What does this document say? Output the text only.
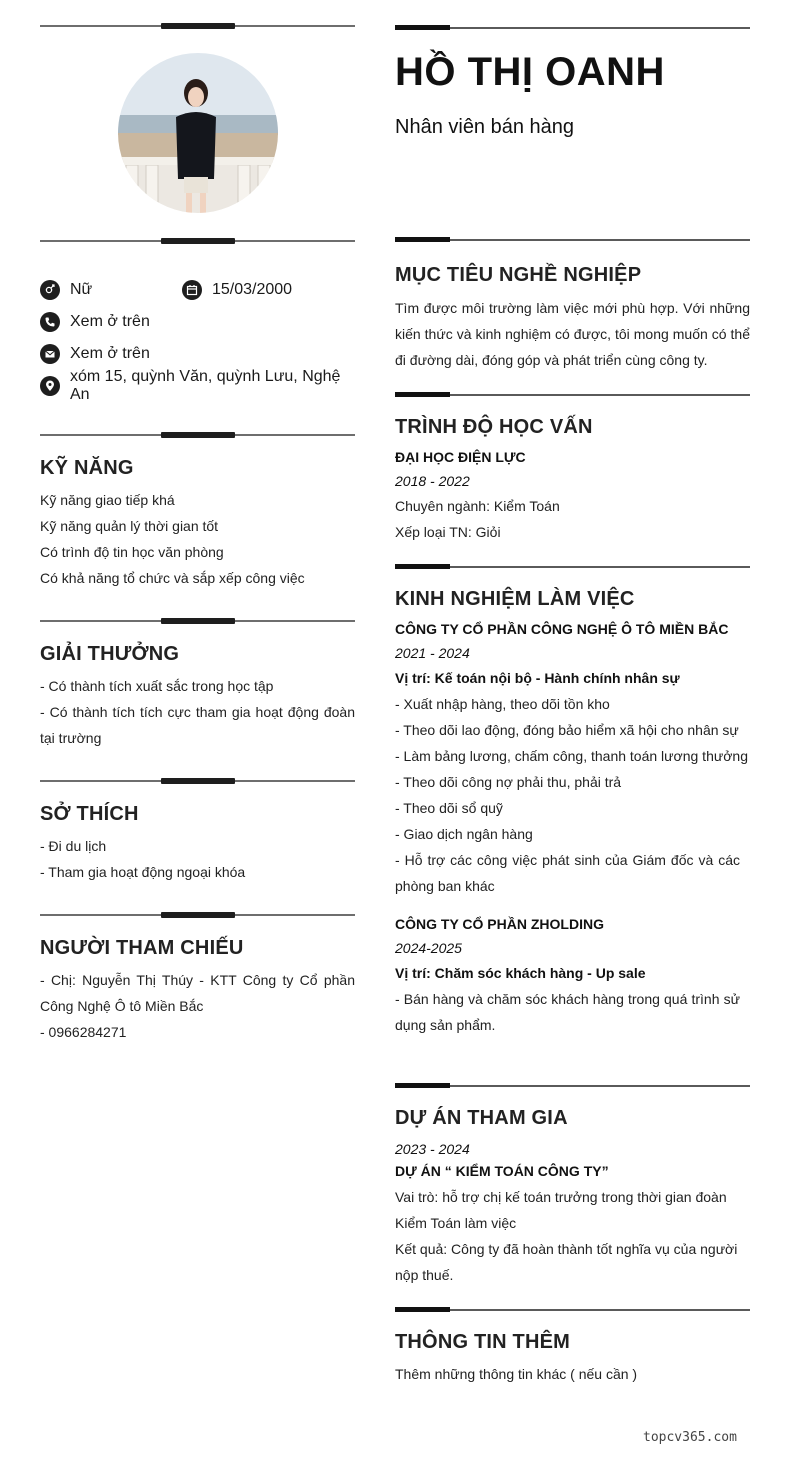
Nữ	15/03/2000
Xem ở trên
Xem ở trên
xóm 15, quỳnh Văn, quỳnh Lưu, Nghệ An
KỸ NĂNG
Kỹ năng giao tiếp khá
Kỹ năng quản lý thời gian tốt
Có trình độ tin học văn phòng
Có khả năng tổ chức và sắp xếp công việc
GIẢI THƯỞNG
- Có thành tích xuất sắc trong học tập
- Có thành tích tích cực tham gia hoạt động đoàn tại trường
SỞ THÍCH
- Đi du lịch
- Tham gia hoạt động ngoại khóa
NGƯỜI THAM CHIẾU
- Chị: Nguyễn Thị Thúy - KTT Công ty Cổ phần Công Nghệ Ô tô Miền Bắc
- 0966284271
HỒ THỊ OANH
Nhân viên bán hàng
MỤC TIÊU NGHỀ NGHIỆP
Tìm được môi trường làm việc mới phù hợp. Với những kiến thức và kinh nghiệm có được, tôi mong muốn có thể đi đường dài, đóng góp và phát triển cùng công ty.
TRÌNH ĐỘ HỌC VẤN
ĐẠI HỌC ĐIỆN LỰC
2018 - 2022
Chuyên ngành: Kiểm Toán
Xếp loại TN: Giỏi
KINH NGHIỆM LÀM VIỆC
CÔNG TY CỔ PHẦN CÔNG NGHỆ Ô TÔ MIỀN BẮC
2021 - 2024
Vị trí: Kế toán nội bộ - Hành chính nhân sự
- Xuất nhập hàng, theo dõi tồn kho
- Theo dõi lao động, đóng bảo hiểm xã hội cho nhân sự
- Làm bảng lương, chấm công, thanh toán lương thưởng
- Theo dõi công nợ phải thu, phải trả
- Theo dõi sổ quỹ
- Giao dịch ngân hàng
- Hỗ trợ các công việc phát sinh của Giám đốc và các phòng ban khác
CÔNG TY CỔ PHẦN ZHOLDING
2024-2025
Vị trí: Chăm sóc khách hàng - Up sale
- Bán hàng và chăm sóc khách hàng trong quá trình sử dụng sản phẩm.
DỰ ÁN THAM GIA
2023 - 2024
DỰ ÁN “ KIỂM TOÁN CÔNG TY”
Vai trò: hỗ trợ chị kế toán trưởng trong thời gian đoàn Kiểm Toán làm việc
Kết quả: Công ty đã hoàn thành tốt nghĩa vụ của người nộp thuế.
THÔNG TIN THÊM
Thêm những thông tin khác ( nếu cần )
topcv365.com
